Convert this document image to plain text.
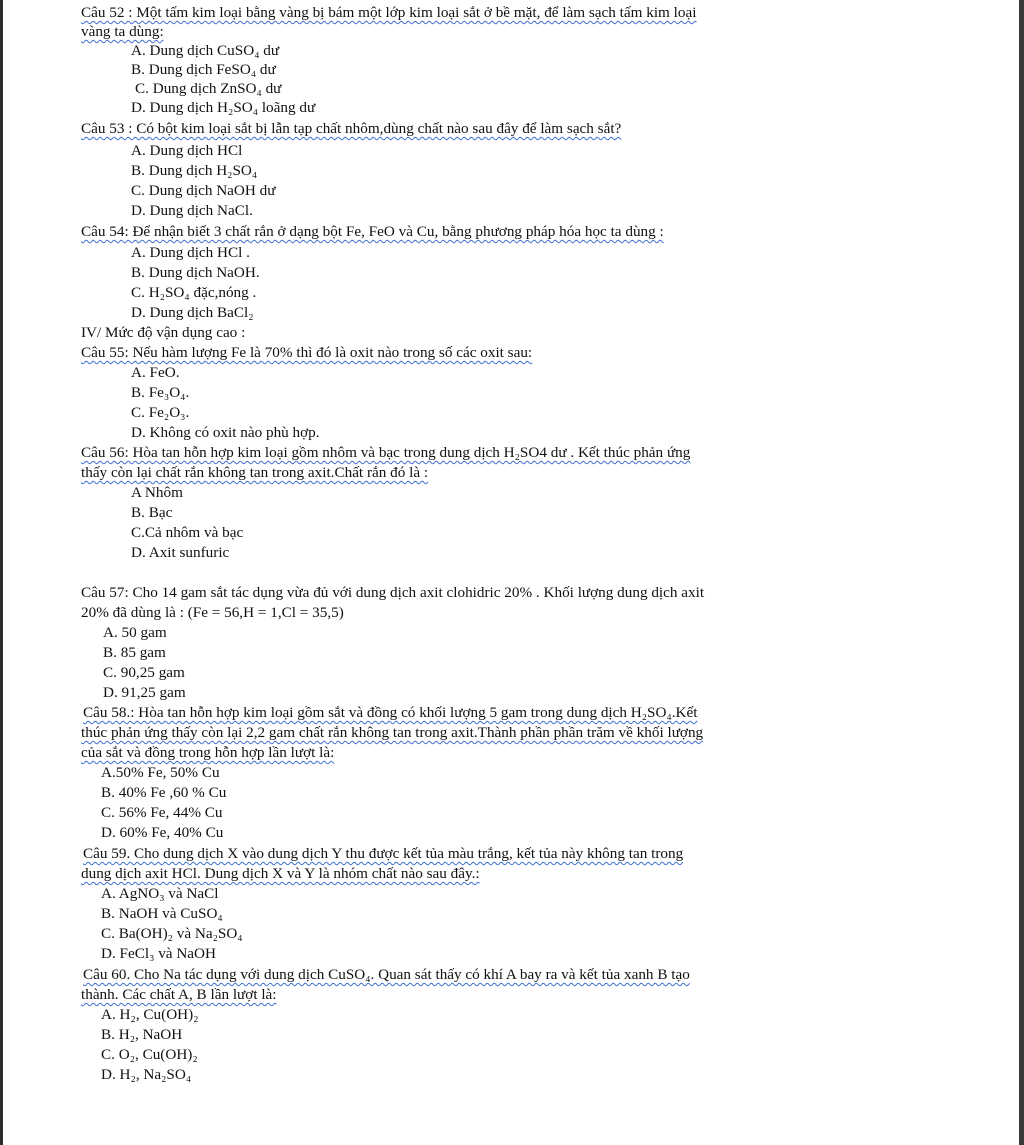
Câu 52 : Một tấm kim loại bằng vàng bị bám một lớp kim loại sắt ở bề mặt, để làm sạch tấm kim loại
vàng ta dùng:
A. Dung dịch CuSO₄ dư
B. Dung dịch FeSO₄ dư
C. Dung dịch ZnSO₄ dư
D. Dung dịch H₂SO₄ loãng dư
Câu 53 : Có bột kim loại sắt bị lẫn tạp chất nhôm,dùng chất nào sau đây để làm sạch sắt?
A. Dung dịch HCl
B. Dung dịch H₂SO₄
C. Dung dịch NaOH dư
D. Dung dịch NaCl.
Câu 54: Để nhận biết 3 chất rắn ở dạng bột Fe, FeO và Cu, bằng phương pháp hóa học ta dùng :
A. Dung dịch HCl .
B. Dung dịch NaOH.
C. H₂SO₄ đặc,nóng .
D. Dung dịch BaCl₂
IV/ Mức độ vận dụng cao :
Câu 55: Nếu hàm lượng Fe là 70% thì đó là oxit nào trong số các oxit sau:
A. FeO.
B. Fe₃O₄.
C. Fe₂O₃.
D. Không có oxit nào phù hợp.
Câu 56: Hòa tan hỗn hợp kim loại gồm nhôm và bạc trong dung dịch H₂SO4 dư . Kết thúc phản ứng
thấy còn lại chất rắn không tan trong axit.Chất rắn đó là :
A Nhôm
B. Bạc
C.Cả nhôm và bạc
D. Axit sunfuric
Câu 57: Cho 14 gam sắt tác dụng vừa đủ với dung dịch axit clohidric 20% . Khối lượng dung dịch axit
20% đã dùng là : (Fe = 56,H = 1,Cl = 35,5)
A. 50 gam
B. 85 gam
C. 90,25 gam
D. 91,25 gam
Câu 58.: Hòa tan hỗn hợp kim loại gồm sắt và đồng có khối lượng 5 gam trong dung dịch H₂SO₄.Kết
thúc phản ứng thấy còn lại 2,2 gam chất rắn không tan trong axit.Thành phần phần trăm về khối lượng
của sắt và đồng trong hỗn hợp lần lượt là:
A.50% Fe, 50% Cu
B. 40% Fe ,60 % Cu
C. 56% Fe, 44% Cu
D. 60% Fe, 40% Cu
Câu 59. Cho dung dịch X vào dung dịch Y thu được kết tủa màu trắng, kết tủa này không tan trong
dung dịch axit HCl. Dung dịch X và Y là nhóm chất nào sau đây.:
A. AgNO₃ và NaCl
B. NaOH và CuSO₄
C. Ba(OH)₂ và Na₂SO₄
D. FeCl₃ và NaOH
Câu 60. Cho Na tác dụng với dung dịch CuSO₄. Quan sát thấy có khí A bay ra và kết tủa xanh B tạo
thành. Các chất A, B lần lượt là:
A. H₂, Cu(OH)₂
B. H₂, NaOH
C. O₂, Cu(OH)₂
D. H₂, Na₂SO₄
